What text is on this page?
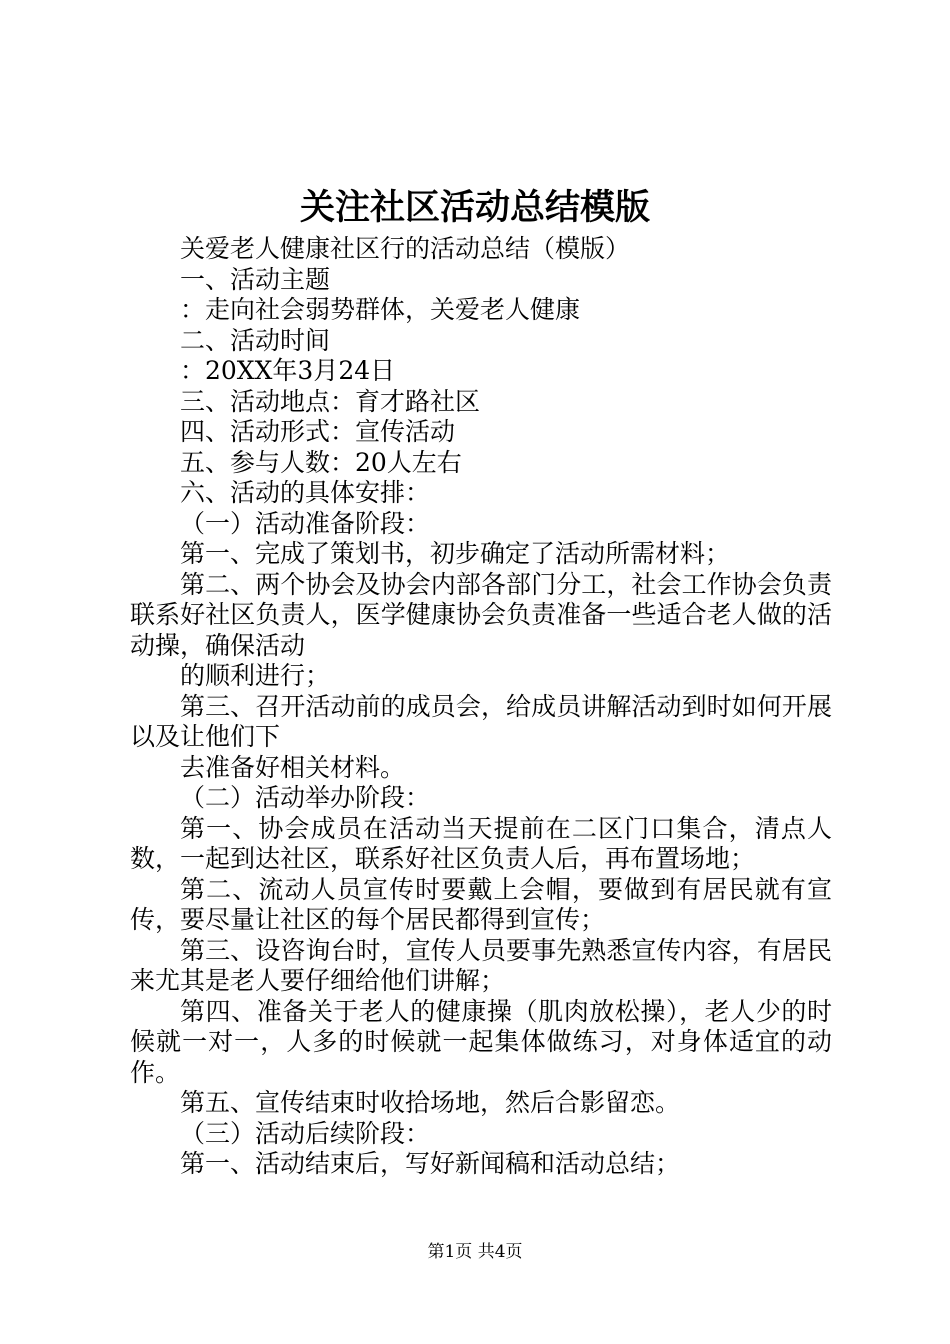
关注社区活动总结模版

关爱老人健康社区行的活动总结（模版）

一、活动主题

：走向社会弱势群体，关爱老人健康

二、活动时间

：20XX年3月24日

三、活动地点：育才路社区

四、活动形式：宣传活动

五、参与人数：20人左右

六、活动的具体安排：

（一）活动准备阶段：

第一、完成了策划书，初步确定了活动所需材料；

第二、两个协会及协会内部各部门分工，社会工作协会负责联系好社区负责人，医学健康协会负责准备一些适合老人做的活动操，确保活动

的顺利进行；

第三、召开活动前的成员会，给成员讲解活动到时如何开展以及让他们下

去准备好相关材料。

（二）活动举办阶段：

第一、协会成员在活动当天提前在二区门口集合，清点人数，一起到达社区，联系好社区负责人后，再布置场地；

第二、流动人员宣传时要戴上会帽，要做到有居民就有宣传，要尽量让社区的每个居民都得到宣传；

第三、设咨询台时，宣传人员要事先熟悉宣传内容，有居民来尤其是老人要仔细给他们讲解；

第四、准备关于老人的健康操（肌肉放松操），老人少的时候就一对一，人多的时候就一起集体做练习，对身体适宜的动作。

第五、宣传结束时收拾场地，然后合影留恋。

（三）活动后续阶段：

第一、活动结束后，写好新闻稿和活动总结；

第1页 共4页
